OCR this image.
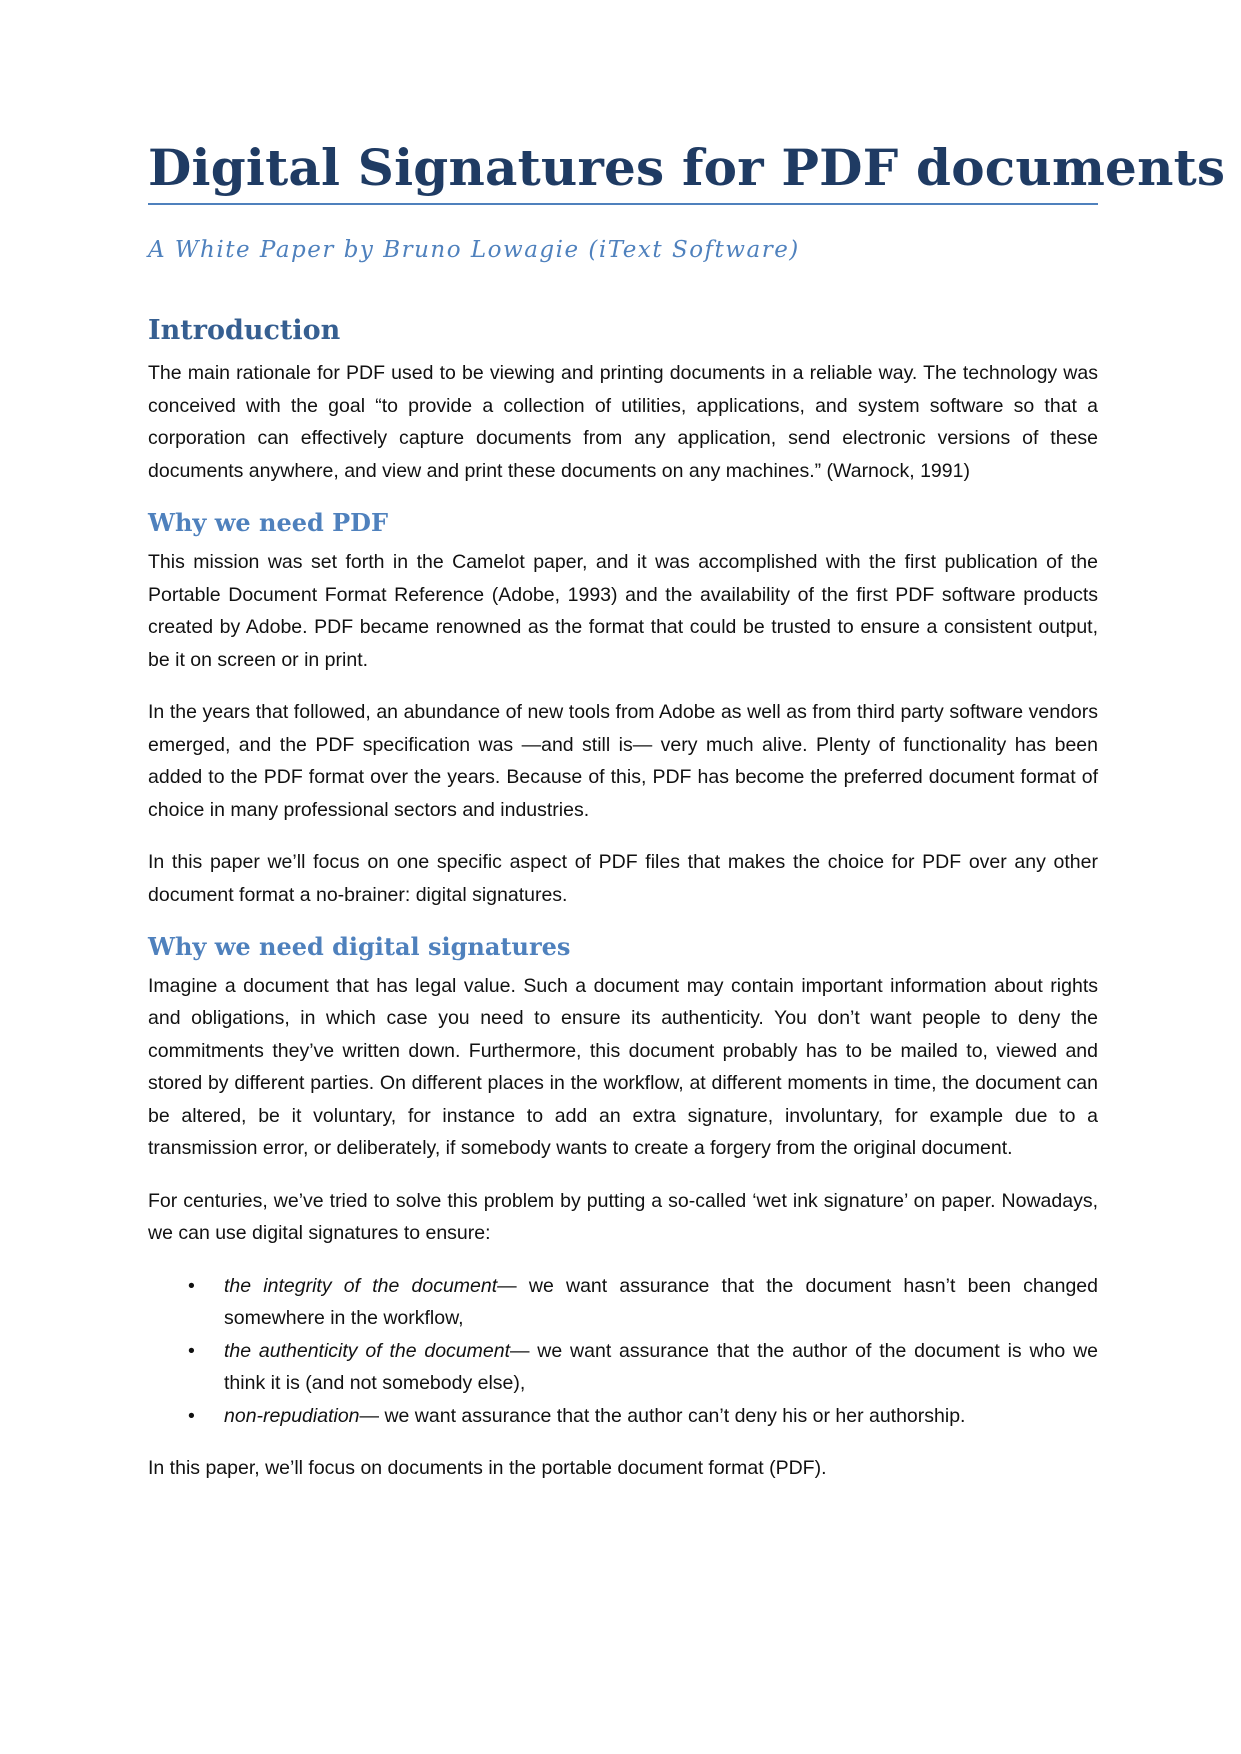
Digital Signatures for PDF documents

A White Paper by Bruno Lowagie (iText Software)

Introduction

The main rationale for PDF used to be viewing and printing documents in a reliable way. The technology was conceived with the goal “to provide a collection of utilities, applications, and system software so that a corporation can effectively capture documents from any application, send electronic versions of these documents anywhere, and view and print these documents on any machines.” (Warnock, 1991)

Why we need PDF

This mission was set forth in the Camelot paper, and it was accomplished with the first publication of the Portable Document Format Reference (Adobe, 1993) and the availability of the first PDF software products created by Adobe. PDF became renowned as the format that could be trusted to ensure a consistent output, be it on screen or in print.

In the years that followed, an abundance of new tools from Adobe as well as from third party software vendors emerged, and the PDF specification was —and still is— very much alive. Plenty of functionality has been added to the PDF format over the years. Because of this, PDF has become the preferred document format of choice in many professional sectors and industries.

In this paper we’ll focus on one specific aspect of PDF files that makes the choice for PDF over any other document format a no-brainer: digital signatures.

Why we need digital signatures

Imagine a document that has legal value. Such a document may contain important information about rights and obligations, in which case you need to ensure its authenticity. You don’t want people to deny the commitments they’ve written down. Furthermore, this document probably has to be mailed to, viewed and stored by different parties. On different places in the workflow, at different moments in time, the document can be altered, be it voluntary, for instance to add an extra signature, involuntary, for example due to a transmission error, or deliberately, if somebody wants to create a forgery from the original document.

For centuries, we’ve tried to solve this problem by putting a so-called ‘wet ink signature’ on paper. Nowadays, we can use digital signatures to ensure:

• the integrity of the document— we want assurance that the document hasn’t been changed somewhere in the workflow,
• the authenticity of the document— we want assurance that the author of the document is who we think it is (and not somebody else),
• non-repudiation— we want assurance that the author can’t deny his or her authorship.

In this paper, we’ll focus on documents in the portable document format (PDF).
